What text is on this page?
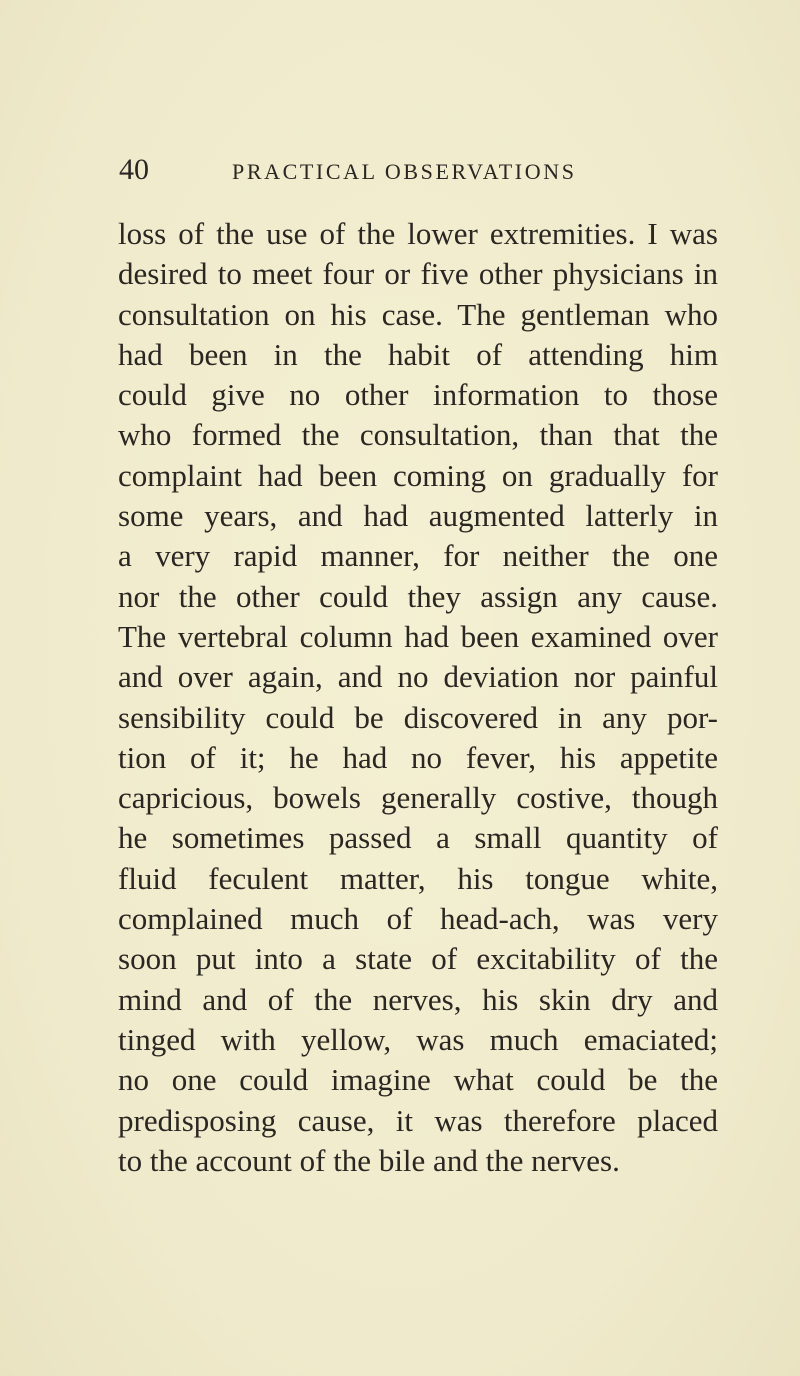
40	PRACTICAL OBSERVATIONS
loss of the use of the lower extremities. I was
desired to meet four or five other physicians in
consultation on his case. The gentleman who
had been in the habit of attending him
could give no other information to those
who formed the consultation, than that the
complaint had been coming on gradually for
some years, and had augmented latterly in
a very rapid manner, for neither the one
nor the other could they assign any cause.
The vertebral column had been examined over
and over again, and no deviation nor painful
sensibility could be discovered in any por-
tion of it; he had no fever, his appetite
capricious, bowels generally costive, though
he sometimes passed a small quantity of
fluid feculent matter, his tongue white,
complained much of head-ach, was very
soon put into a state of excitability of the
mind and of the nerves, his skin dry and
tinged with yellow, was much emaciated;
no one could imagine what could be the
predisposing cause, it was therefore placed
to the account of the bile and the nerves.
